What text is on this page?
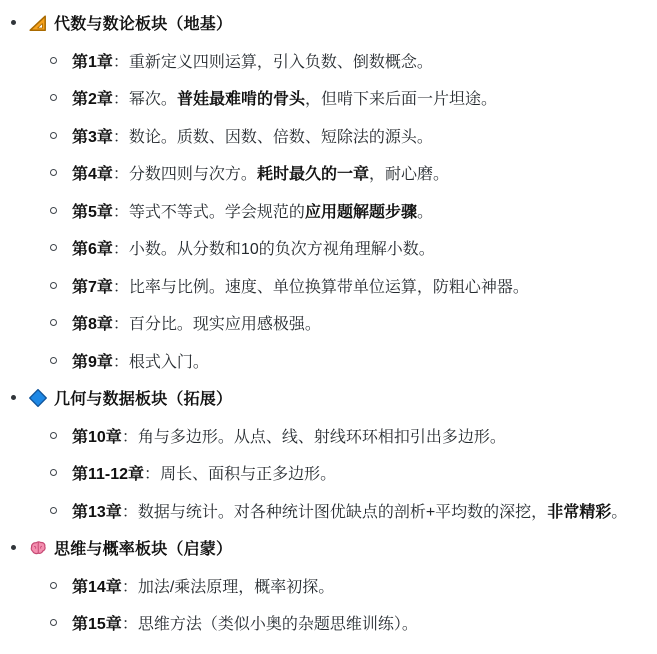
代数与数论板块（地基）
第1章 ： 重新定义四则运算，引入负数、倒数概念。
第2章 ： 幂次。 普娃最难啃的骨头 ，但啃下来后面一片坦途。
第3章 ： 数论。质数、因数、倍数、短除法的源头。
第4章 ： 分数四则与次方。 耗时最久的一章 ，耐心磨。
第5章 ： 等式不等式。学会规范的 应用题解题步骤 。
第6章 ： 小数。从分数和10的负次方视角理解小数。
第7章 ： 比率与比例。速度、单位换算带单位运算，防粗心神器。
第8章 ： 百分比。现实应用感极强。
第9章 ： 根式入门。
几何与数据板块（拓展）
第10章 ： 角与多边形。从点、线、射线环环相扣引出多边形。
第11-12章 ： 周长、面积与正多边形。
第13章 ： 数据与统计。对各种统计图优缺点的剖析+平均数的深挖， 非常精彩 。
思维与概率板块（启蒙）
第14章 ： 加法/乘法原理，概率初探。
第15章 ： 思维方法（类似小奥的杂题思维训练）。
